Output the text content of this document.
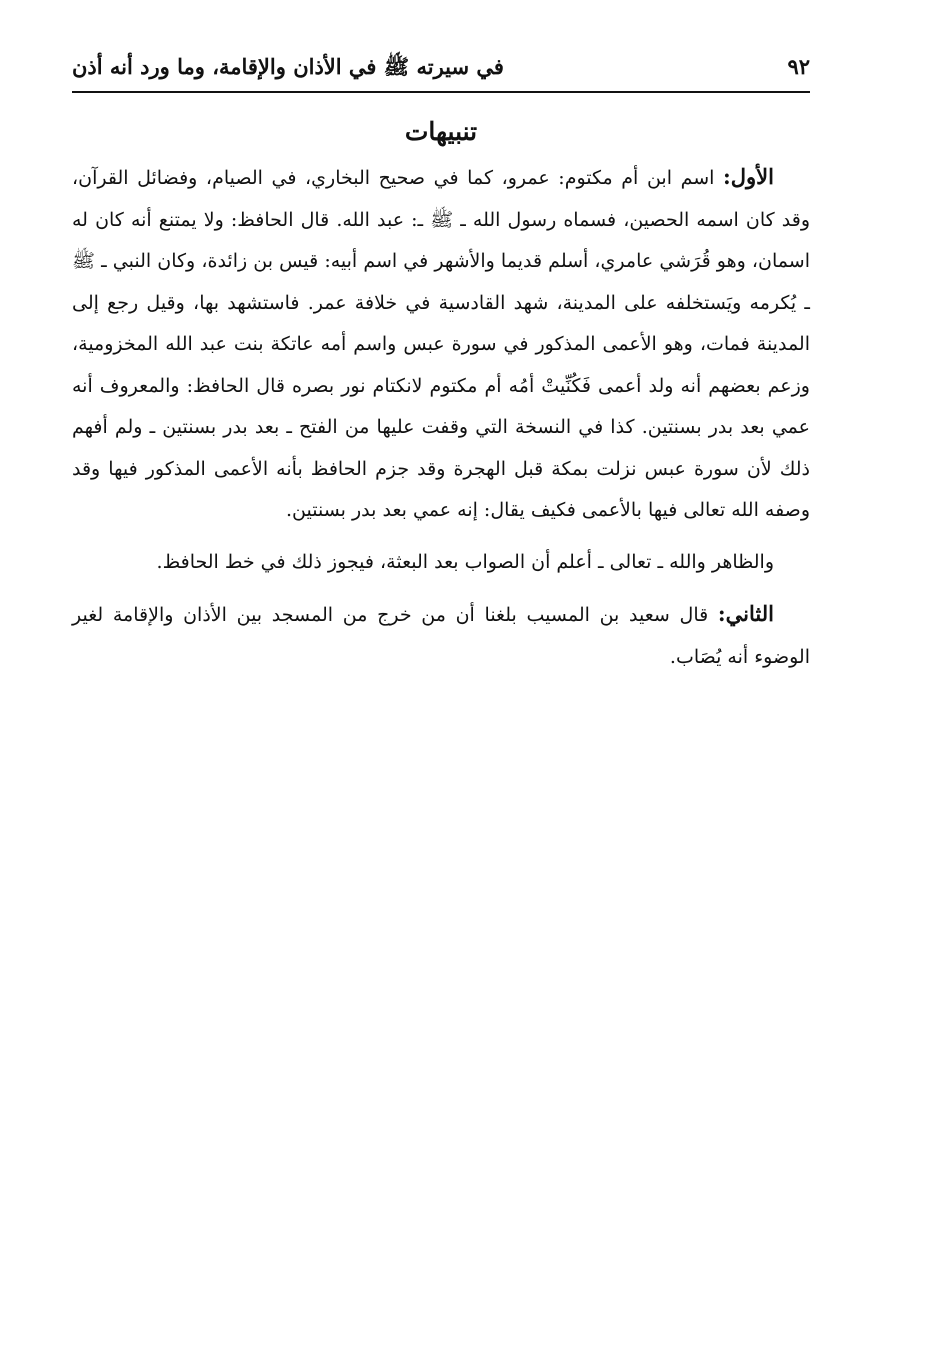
٩٢
في سيرته ﷺ في الأذان والإقامة، وما ورد أنه أذن
تنبيهات

الأول: اسم ابن أم مكتوم: عمرو، كما في صحيح البخاري، في الصيام، وفضائل القرآن، وقد كان اسمه الحصين، فسماه رسول الله ـ ﷺ ـ: عبد الله. قال الحافظ: ولا يمتنع أنه كان له اسمان، وهو قُرَشي عامري، أسلم قديما والأشهر في اسم أبيه: قيس بن زائدة، وكان النبي ـ ﷺ ـ يُكرمه ويَستخلفه على المدينة، شهد القادسية في خلافة عمر. فاستشهد بها، وقيل رجع إلى المدينة فمات، وهو الأعمى المذكور في سورة عبس واسم أمه عاتكة بنت عبد الله المخزومية، وزعم بعضهم أنه ولد أعمى فَكُنِّيتْ أمُه أم مكتوم لانكتام نور بصره قال الحافظ: والمعروف أنه عمي بعد بدر بسنتين. كذا في النسخة التي وقفت عليها من الفتح ـ بعد بدر بسنتين ـ ولم أفهم ذلك لأن سورة عبس نزلت بمكة قبل الهجرة وقد جزم الحافظ بأنه الأعمى المذكور فيها وقد وصفه الله تعالى فيها بالأعمى فكيف يقال: إنه عمي بعد بدر بسنتين.

والظاهر والله ـ تعالى ـ أعلم أن الصواب بعد البعثة، فيجوز ذلك في خط الحافظ.

الثاني: قال سعيد بن المسيب بلغنا أن من خرج من المسجد بين الأذان والإقامة لغير الوضوء أنه يُصَاب.
